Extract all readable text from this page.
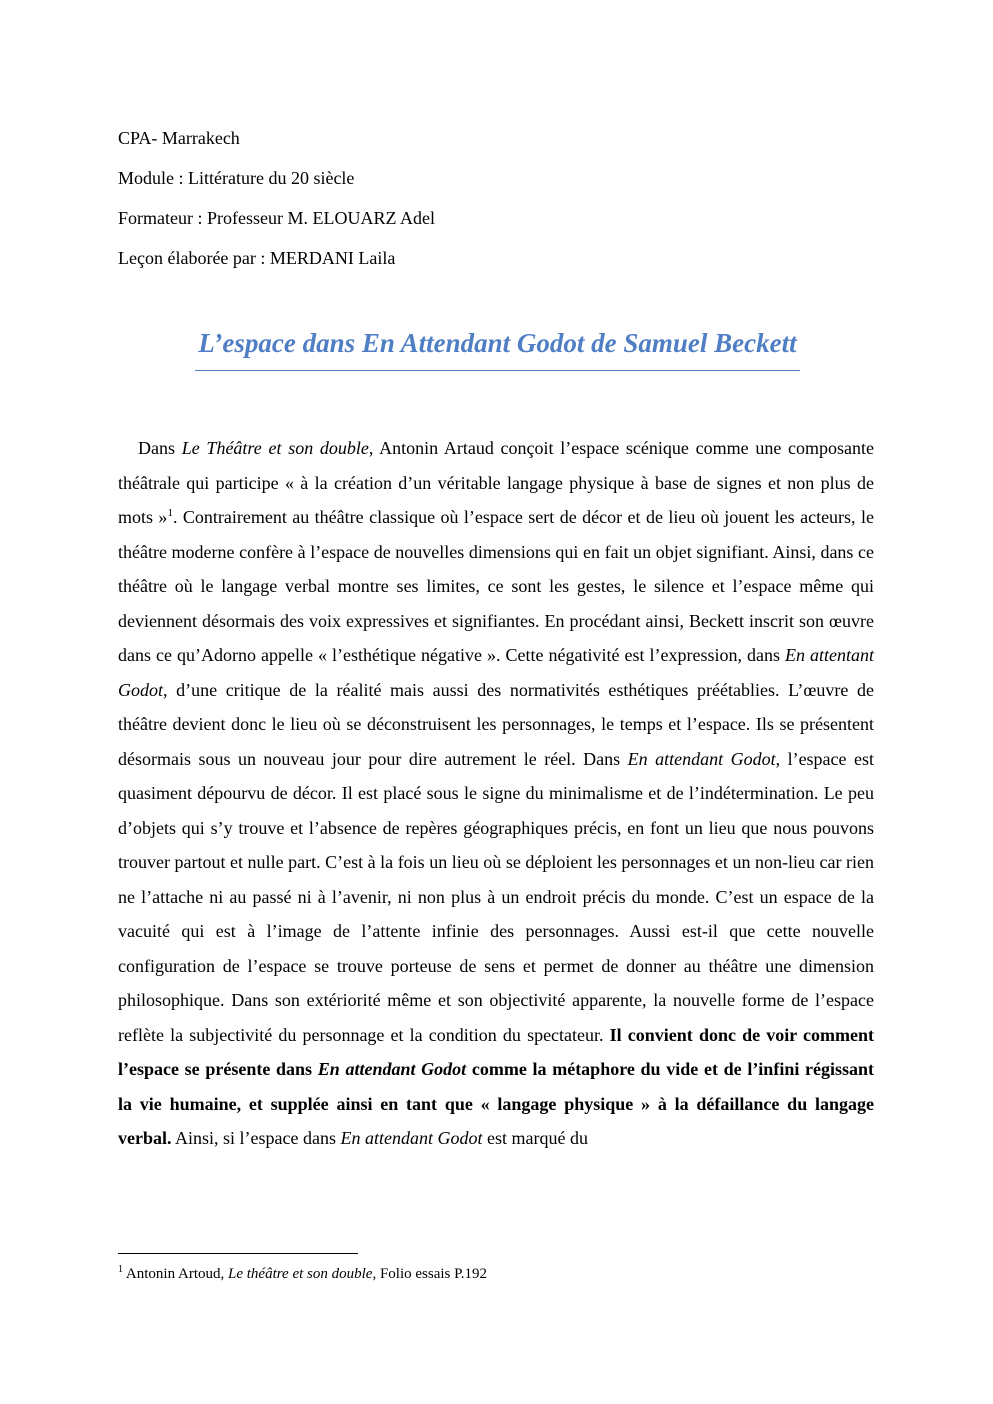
CPA- Marrakech
Module : Littérature du 20 siècle
Formateur : Professeur M. ELOUARZ Adel
Leçon élaborée par : MERDANI Laila
L’espace dans En Attendant Godot de Samuel Beckett

Dans Le Théâtre et son double, Antonin Artaud conçoit l’espace scénique comme une composante théâtrale qui participe « à la création d’un véritable langage physique à base de signes et non plus de mots »$^1$. Contrairement au théâtre classique où l’espace sert de décor et de lieu où jouent les acteurs, le théâtre moderne confère à l’espace de nouvelles dimensions qui en fait un objet signifiant. Ainsi, dans ce théâtre où le langage verbal montre ses limites, ce sont les gestes, le silence et l’espace même qui deviennent désormais des voix expressives et signifiantes. En procédant ainsi, Beckett inscrit son œuvre dans ce qu’Adorno appelle « l’esthétique négative ». Cette négativité est l’expression, dans En attentant Godot, d’une critique de la réalité mais aussi des normativités esthétiques préétablies. L’œuvre de théâtre devient donc le lieu où se déconstruisent les personnages, le temps et l’espace. Ils se présentent désormais sous un nouveau jour pour dire autrement le réel. Dans En attendant Godot, l’espace est quasiment dépourvu de décor. Il est placé sous le signe du minimalisme et de l’indétermination. Le peu d’objets qui s’y trouve et l’absence de repères géographiques précis, en font un lieu que nous pouvons trouver partout et nulle part. C’est à la fois un lieu où se déploient les personnages et un non-lieu car rien ne l’attache ni au passé ni à l’avenir, ni non plus à un endroit précis du monde. C’est un espace de la vacuité qui est à l’image de l’attente infinie des personnages. Aussi est-il que cette nouvelle configuration de l’espace se trouve porteuse de sens et permet de donner au théâtre une dimension philosophique. Dans son extériorité même et son objectivité apparente, la nouvelle forme de l’espace reflète la subjectivité du personnage et la condition du spectateur. Il convient donc de voir comment l’espace se présente dans En attendant Godot comme la métaphore du vide et de l’infini régissant la vie humaine, et supplée ainsi en tant que « langage physique » à la défaillance du langage verbal. Ainsi, si l’espace dans En attendant Godot est marqué du

$^1$ Antonin Artoud, Le théâtre et son double, Folio essais P.192
